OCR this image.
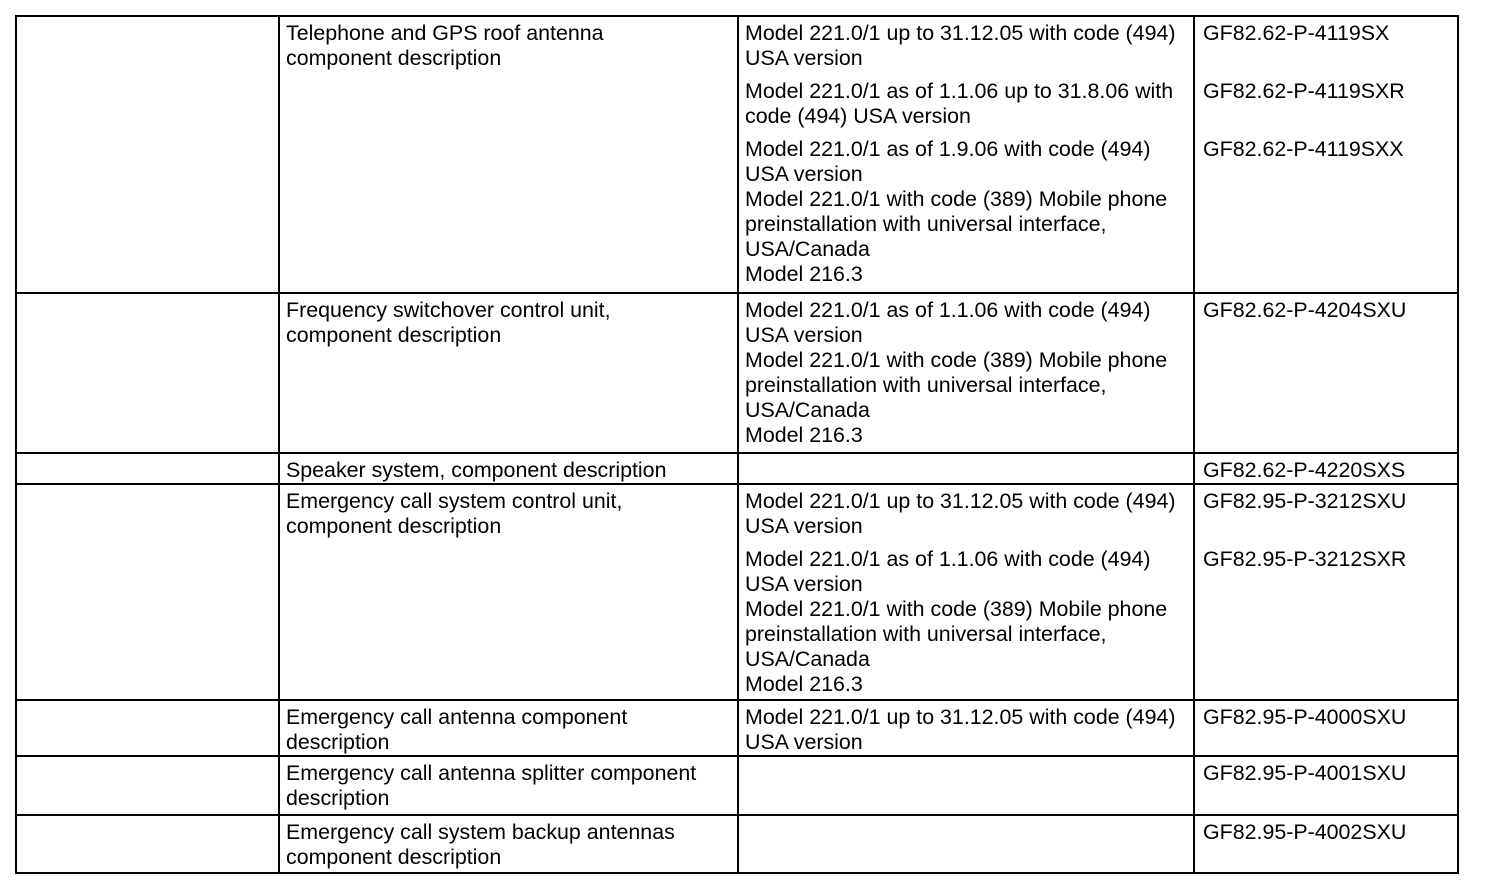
Telephone and GPS roof antenna component description
Model 221.0/1 up to 31.12.05 with code (494) USA version
GF82.62-P-4119SX
Model 221.0/1 as of 1.1.06 up to 31.8.06 with code (494) USA version
GF82.62-P-4119SXR
Model 221.0/1 as of 1.9.06 with code (494) USA version
GF82.62-P-4119SXX
Model 221.0/1 with code (389) Mobile phone preinstallation with universal interface, USA/Canada
Model 216.3
Frequency switchover control unit, component description
Model 221.0/1 as of 1.1.06 with code (494) USA version
GF82.62-P-4204SXU
Model 221.0/1 with code (389) Mobile phone preinstallation with universal interface, USA/Canada
Model 216.3
Speaker system, component description	GF82.62-P-4220SXS
Emergency call system control unit, component description
Model 221.0/1 up to 31.12.05 with code (494) USA version
GF82.95-P-3212SXU
Model 221.0/1 as of 1.1.06 with code (494) USA version
GF82.95-P-3212SXR
Model 221.0/1 with code (389) Mobile phone preinstallation with universal interface, USA/Canada
Model 216.3
Emergency call antenna component description
Model 221.0/1 up to 31.12.05 with code (494) USA version
GF82.95-P-4000SXU
Emergency call antenna splitter component description
GF82.95-P-4001SXU
Emergency call system backup antennas component description
GF82.95-P-4002SXU
